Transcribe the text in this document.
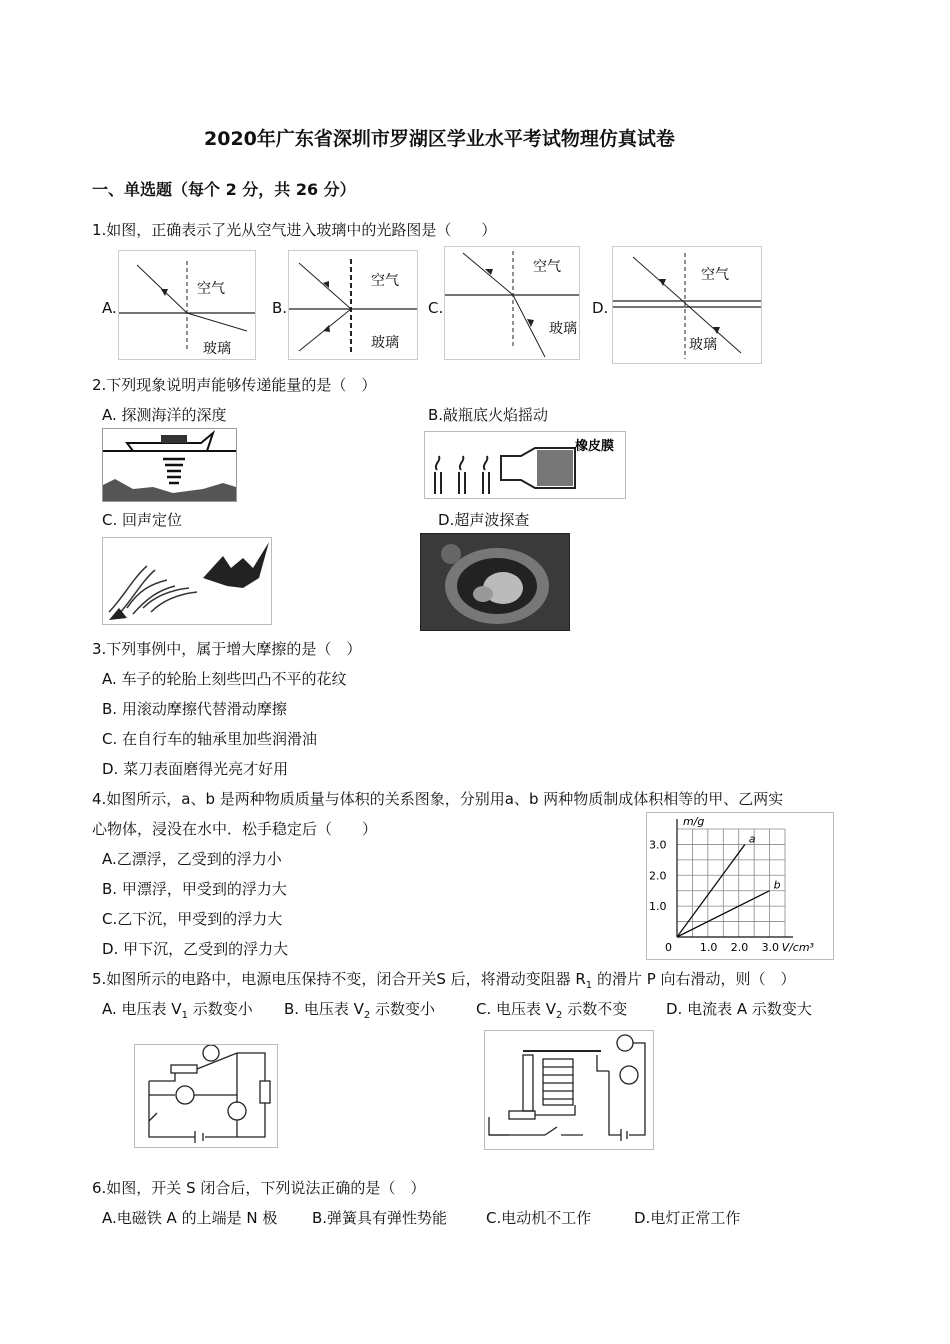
2020年广东省深圳市罗湖区学业水平考试物理仿真试卷
一、单选题（每个 2 分，共 26 分）
1.如图，正确表示了光从空气进入玻璃中的光路图是（　　）
A.
空气
玻璃
B.
空气
玻璃
C.
空气
玻璃
D.
空气
玻璃
2.下列现象说明声能够传递能量的是（　）
A. 探测海洋的深度	B.敲瓶底火焰摇动
橡皮膜
C. 回声定位	D.超声波探查
3.下列事例中，属于增大摩擦的是（　）
A. 车子的轮胎上刻些凹凸不平的花纹
B. 用滚动摩擦代替滑动摩擦
C. 在自行车的轴承里加些润滑油
D. 菜刀表面磨得光亮才好用
4.如图所示，a、b 是两种物质质量与体积的关系图象，分别用a、b 两种物质制成体积相等的甲、乙两实
心物体，浸没在水中．松手稳定后（　　）
A.乙漂浮，乙受到的浮力小
B. 甲漂浮，甲受到的浮力大
C.乙下沉，甲受到的浮力大
D. 甲下沉，乙受到的浮力大
m/g
V/cm³
0	1.0 2.0 3.0
1.0
2.0
3.0	a
b
5.如图所示的电路中，电源电压保持不变，闭合开关S 后，将滑动变阻器 $R_1$ 的滑片 P 向右滑动，则（　）
A. 电压表 $V_1$ 示数变小 B. 电压表 $V_2$ 示数变小	C. 电压表 $V_2$ 示数不变	D. 电流表 A 示数变大
6.如图，开关 S 闭合后，下列说法正确的是（　）
A.电磁铁 A 的上端是 N 极 B.弹簧具有弹性势能	C.电动机不工作	D.电灯正常工作
